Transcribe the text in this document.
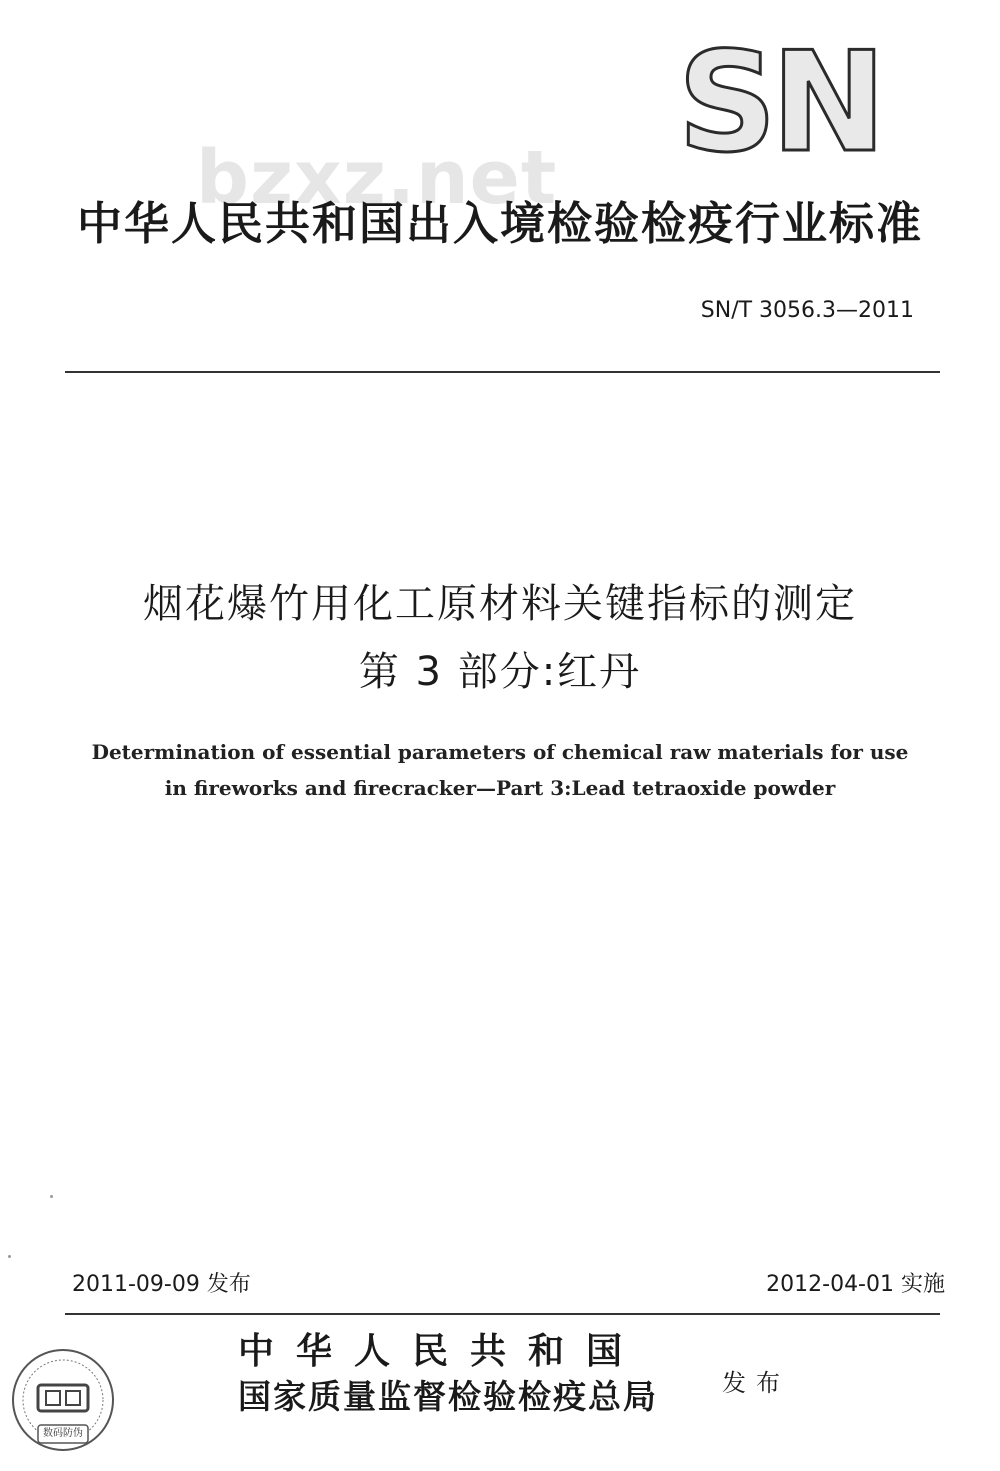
SN
bzxz.net
中华人民共和国出入境检验检疫行业标准
SN/T 3056.3—2011
烟花爆竹用化工原材料关键指标的测定
第 3 部分:红丹
Determination of essential parameters of chemical raw materials for use
in fireworks and firecracker—Part 3:Lead tetraoxide powder
2011-09-09 发布	2012-04-01 实施
中华人民共和国
国家质量监督检验检疫总局	发布
数码防伪
